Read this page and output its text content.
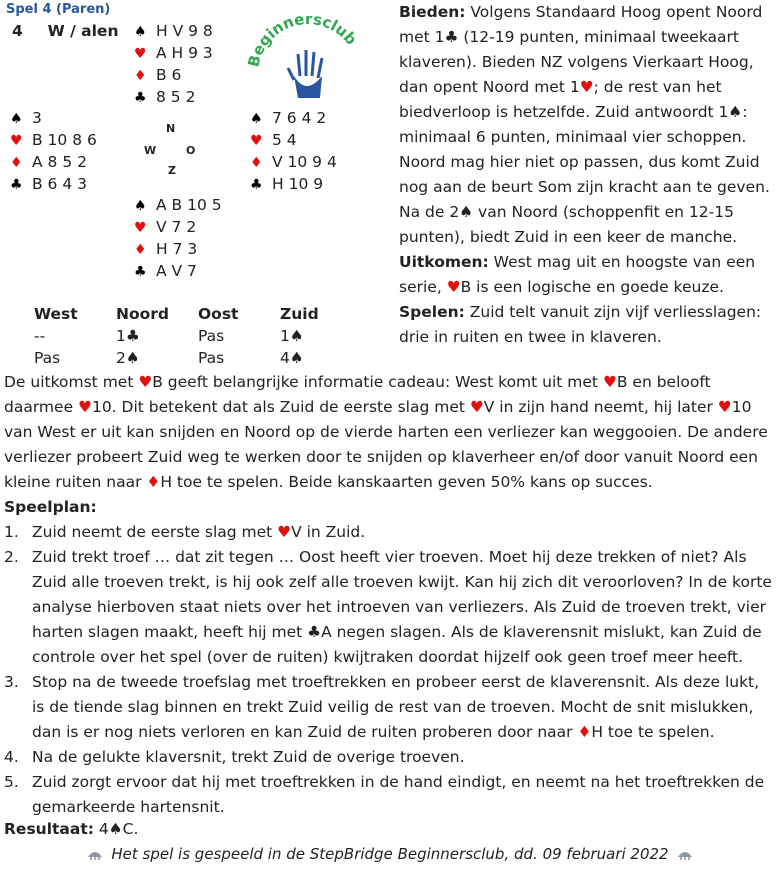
Spel 4 (Paren)
4 W / alen
eginnersclub
♠ H V 9 8
♥ A H 9 3
♦ B 6
♣ 8 5 2
♠ 3
♥ B 10 8 6
♦ A 8 5 2
♣ B 6 4 3
N
W	O
Z
♠ 7 6 4 2
♥ 5 4
♦ V 10 9 4
♣ H 10 9
♠ A B 10 5
♥ V 7 2
♦ H 7 3
♣ A V 7
West Noord Oost	Zuid
--	1♣	Pas	1♠
Pas	2♠	Pas	4♠
Bieden: Volgens Standaard Hoog opent Noord met 1♣ (12-19 punten, minimaal tweekaart klaveren). Bieden NZ volgens Vierkaart Hoog, dan opent Noord met 1♥; de rest van het biedverloop is hetzelfde. Zuid antwoordt 1♠: minimaal 6 punten, minimaal vier schoppen. Noord mag hier niet op passen, dus komt Zuid nog aan de beurt Som zijn kracht aan te geven. Na de 2♠ van Noord (schoppenfit en 12-15 punten), biedt Zuid in een keer de manche.
Uitkomen: West mag uit en hoogste van een serie, ♥B is een logische en goede keuze.
Spelen: Zuid telt vanuit zijn vijf verliesslagen: drie in ruiten en twee in klaveren.
De uitkomst met ♥B geeft belangrijke informatie cadeau: West komt uit met ♥B en belooft daarmee ♥10. Dit betekent dat als Zuid de eerste slag met ♥V in zijn hand neemt, hij later ♥10 van West er uit kan snijden en Noord op de vierde harten een verliezer kan weggooien. De andere verliezer probeert Zuid weg te werken door te snijden op klaverheer en/of door vanuit Noord een kleine ruiten naar ♦H toe te spelen. Beide kanskaarten geven 50% kans op succes.
Speelplan:
1. Zuid neemt de eerste slag met ♥V in Zuid.
2. Zuid trekt troef … dat zit tegen … Oost heeft vier troeven. Moet hij deze trekken of niet? Als Zuid alle troeven trekt, is hij ook zelf alle troeven kwijt. Kan hij zich dit veroorloven? In de korte analyse hierboven staat niets over het introeven van verliezers. Als Zuid de troeven trekt, vier harten slagen maakt, heeft hij met ♣A negen slagen. Als de klaverensnit mislukt, kan Zuid de controle over het spel (over de ruiten) kwijtraken doordat hijzelf ook geen troef meer heeft.
3. Stop na de tweede troefslag met troeftrekken en probeer eerst de klaverensnit. Als deze lukt, is de tiende slag binnen en trekt Zuid veilig de rest van de troeven. Mocht de snit mislukken, dan is er nog niets verloren en kan Zuid de ruiten proberen door naar ♦H toe te spelen.
4. Na de gelukte klaversnit, trekt Zuid de overige troeven.
5. Zuid zorgt ervoor dat hij met troeftrekken in de hand eindigt, en neemt na het troeftrekken de gemarkeerde hartensnit.
Resultaat: 4♠C.
Het spel is gespeeld in de StepBridge Beginnersclub, dd. 09 februari 2022
